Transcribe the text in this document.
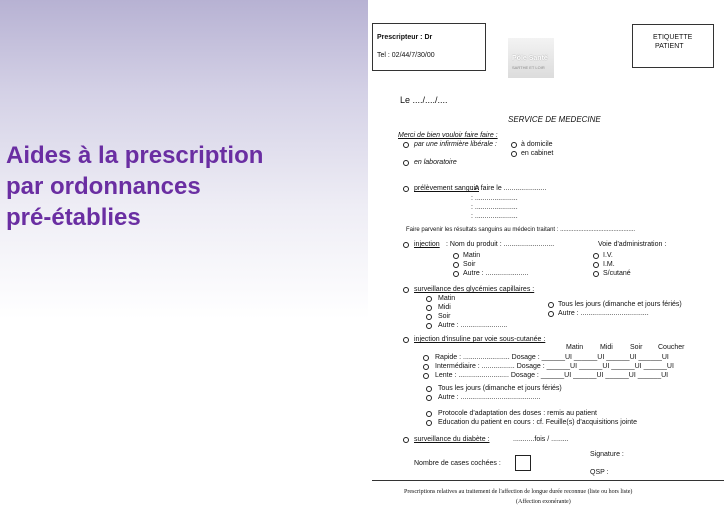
Aides à la prescription
par ordonnances
pré-établies
Prescripteur : Dr
Tel : 02/44/7/30/00	Pôle Santé
SARTHE ET LOIR
ETIQUETTE
PATIENT
Le ..../..../....
SERVICE DE MEDECINE
Merci de bien vouloir faire faire :
par une infirmière libérale :	à domicile
en cabinet
en laboratoire
prélèvement sanguin
: A faire le ......................
: ......................
: ......................
: ......................
Faire parvenir les résultats sanguins au médecin traitant : .............................................
injection : Nom du produit : ..........................	Voie d'administration :
Matin
Soir
Autre : ......................
I.V.
I.M.
S/cutané
surveillance des glycémies capillaires :
Matin
Midi
Soir
Autre : ........................
Tous les jours (dimanche et jours fériés)
Autre : ...................................
injection d'insuline par voie sous-cutanée :
Matin Midi Soir Coucher
Rapide : ........................ Dosage : ______UI ______UI ______UI ______UI
Intermédiaire : ................. Dosage : ______UI ______UI ______UI ______UI
Lente : .......................... Dosage : ______UI ______UI ______UI ______UI
Tous les jours (dimanche et jours fériés)
Autre : .........................................
Protocole d'adaptation des doses : remis au patient
Education du patient en cours : cf. Feuille(s) d'acquisitions jointe
surveillance du diabète :	...........fois / .........
Signature :
Nombre de cases cochées :
QSP :
Prescriptions relatives au traitement de l'affection de longue durée reconnue (liste ou hors liste)
(Affection exonérante)
